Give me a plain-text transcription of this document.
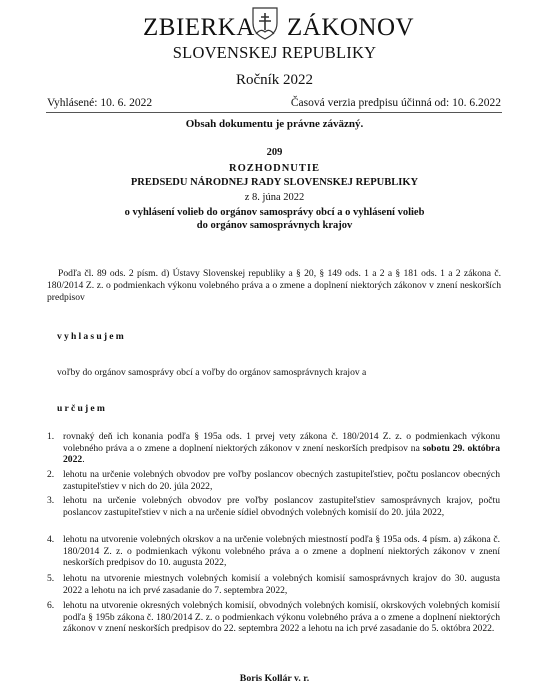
ZBIERKA ZÁKONOV
SLOVENSKEJ REPUBLIKY
Ročník 2022
Vyhlásené: 10. 6. 2022	Časová verzia predpisu účinná od: 10. 6.2022
Obsah dokumentu je právne záväzný.
209
ROZHODNUTIE
PREDSEDU NÁRODNEJ RADY SLOVENSKEJ REPUBLIKY
z 8. júna 2022
o vyhlásení volieb do orgánov samosprávy obcí a o vyhlásení volieb
do orgánov samosprávnych krajov
Podľa čl. 89 ods. 2 písm. d) Ústavy Slovenskej republiky a § 20, § 149 ods. 1 a 2 a § 181 ods. 1 a 2 zákona č. 180/2014 Z. z. o podmienkach výkonu volebného práva a o zmene a doplnení niektorých zákonov v znení neskorších predpisov
vyhlasujem
voľby do orgánov samosprávy obcí a voľby do orgánov samosprávnych krajov a
určujem
1. rovnaký deň ich konania podľa § 195a ods. 1 prvej vety zákona č. 180/2014 Z. z. o podmienkach výkonu volebného práva a o zmene a doplnení niektorých zákonov v znení neskorších predpisov na sobotu 29. októbra 2022.
2. lehotu na určenie volebných obvodov pre voľby poslancov obecných zastupiteľstiev, počtu poslancov obecných zastupiteľstiev v nich do 20. júla 2022,
3. lehotu na určenie volebných obvodov pre voľby poslancov zastupiteľstiev samosprávnych krajov, počtu poslancov zastupiteľstiev v nich a na určenie sídiel obvodných volebných komisií do 20. júla 2022,
4. lehotu na utvorenie volebných okrskov a na určenie volebných miestností podľa § 195a ods. 4 písm. a) zákona č. 180/2014 Z. z. o podmienkach výkonu volebného práva a o zmene a doplnení niektorých zákonov v znení neskorších predpisov do 10. augusta 2022,
5. lehotu na utvorenie miestnych volebných komisií a volebných komisií samosprávnych krajov do 30. augusta 2022 a lehotu na ich prvé zasadanie do 7. septembra 2022,
6. lehotu na utvorenie okresných volebných komisií, obvodných volebných komisií, okrskových volebných komisií podľa § 195b zákona č. 180/2014 Z. z. o podmienkach výkonu volebného práva a o zmene a doplnení niektorých zákonov v znení neskorších predpisov do 22. septembra 2022 a lehotu na ich prvé zasadanie do 5. októbra 2022.
Boris Kollár v. r.
